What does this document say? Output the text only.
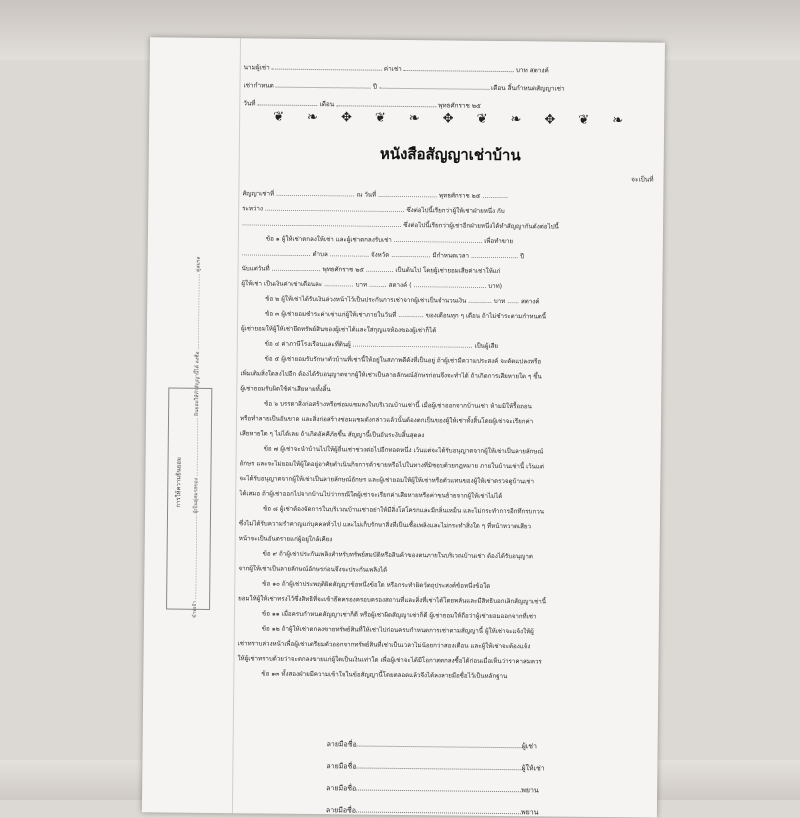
การให้ความยินยอม ข้าพเจ้า ..................................................... ผู้เป็นคู่สมรสของ ..................................... ยินยอมให้ทำสัญญานี้ได้ ลงชื่อ ................................................ คู่สมรส
นามผู้เช่า	ค่าเช่า	บาท สตางค์
เช่ากำหนด	ปี	เดือน สิ้นกำหนดสัญญาเช่า
วันที่	เดือน	พุทธศักราช ๒๕
❦ ❧ ✥ ❦ ❧ ✥ ❦ ❧ ✥ ❦ ❧
หนังสือสัญญาเช่าบ้าน
จะเป็นที่
สัญญาเช่าที่ ........................................ ณ วันที่ .............................. พุทธศักราช ๒๕ .............
ระหว่าง ....................................................................... ซึ่งต่อไปนี้เรียกว่าผู้ให้เช่าฝ่ายหนึ่ง กับ
................................................................................. ซึ่งต่อไปนี้เรียกว่าผู้เช่าอีกฝ่ายหนึ่งได้ทำสัญญากันดังต่อไปนี้
ข้อ ๑ ผู้ให้เช่าตกลงให้เช่า และผู้เช่าตกลงรับเช่า ............................................. เพื่อทำขาย
................................... ตำบล .................... จังหวัด .................... มีกำหนดเวลา ........................ ปี
นับแต่วันที่ ......................... พุทธศักราช ๒๕ .............. เป็นต้นไป โดยผู้เช่ายอมเสียค่าเช่าให้แก่
ผู้ให้เช่า เป็นเงินค่าเช่าเดือนละ ............... บาท ......... สตางค์ ( ..................................... บาท)
ข้อ ๒ ผู้ให้เช่าได้รับเงินล่วงหน้าไว้เป็นประกันการเช่าจากผู้เช่าเป็นจำนวนเงิน ............ บาท ...... สตางค์
ข้อ ๓ ผู้เช่ายอมชำระค่าเช่าแก่ผู้ให้เช่าภายในวันที่ ............. ของเดือนทุก ๆ เดือน ถ้าไม่ชำระตามกำหนดนี้
ผู้เช่ายอมให้ผู้ให้เช่ายึดทรัพย์สินของผู้เช่าได้และใส่กุญแจห้องของผู้เช่าก็ได้
ข้อ ๔ ค่าภาษีโรงเรือนและที่ดินผู้ ............................................................. เป็นผู้เสีย
ข้อ ๕ ผู้เช่ายอมรับรักษาตัวบ้านที่เช่านี้ให้อยู่ในสภาพดีดังที่เป็นอยู่ ถ้าผู้เช่ามีความประสงค์ จะดัดแปลงหรือ
เพิ่มเติมสิ่งใดลงไปอีก ต้องได้รับอนุญาตจากผู้ให้เช่าเป็นลายลักษณ์อักษรก่อนจึงจะทำได้ ถ้าเกิดการเสียหายใด ๆ ขึ้น
ผู้เช่ายอมรับผิดใช้ค่าเสียหายทั้งสิ้น
ข้อ ๖ บรรดาสิ่งก่อสร้างหรือซ่อมแซมลงในบริเวณบ้านเช่านี้ เมื่อผู้เช่าออกจากบ้านเช่า ห้ามมิให้รื้อถอน
หรือทำลายเป็นอันขาด และสิ่งก่อสร้างซ่อมแซมดังกล่าวแล้วนั้นต้องตกเป็นของผู้ให้เช่าทั้งสิ้นโดยผู้เช่าจะเรียกค่า
เสียหายใด ๆ ไม่ได้เลย ถ้าเกิดอัคคีภัยขึ้น สัญญานี้เป็นอันระงับสิ้นสุดลง
ข้อ ๗ ผู้เช่าจะนำบ้านไปให้ผู้อื่นเช่าช่วงต่อไปอีกทอดหนึ่ง เว้นแต่จะได้รับอนุญาตจากผู้ให้เช่าเป็นลายลักษณ์
อักษร และจะไม่ยอมให้ผู้ใดอยู่อาศัยดำเนินกิจการค้าขายหรือไปในทางที่มิชอบด้วยกฎหมาย ภายในบ้านเช่านี้ เว้นแต่
จะได้รับอนุญาตจากผู้ให้เช่าเป็นลายลักษณ์อักษร และผู้เช่ายอมให้ผู้ให้เช่าหรือตัวแทนของผู้ให้เช่าตรวจดูบ้านเช่า
ได้เสมอ ถ้าผู้เช่าออกไปจากบ้านไปว่ากรณีใดผู้เช่าจะเรียกค่าเสียหายหรือค่าขนย้ายจากผู้ให้เช่าไม่ได้
ข้อ ๘ ผู้เช่าต้องจัดการในบริเวณบ้านเช่าอย่าให้มีสิ่งโสโครกและมีกลิ่นเหม็น และไม่กระทำการอีกทึกรบกวน
ซึ่งไม่ได้รับความรำคาญแก่บุคคลทั่วไป และไม่เก็บรักษาสิ่งที่เป็นเชื้อเพลิงและไม่กระทำสิ่งใด ๆ ที่หน้าหวาดเสียว
หน้าจะเป็นอันตรายแก่ผู้อยู่ใกล้เคียง
ข้อ ๙ ถ้าผู้เช่าประกันเพลิงสำหรับทรัพย์สมบัติหรือสินค้าของตนภายในบริเวณบ้านเช่า ต้องได้รับอนุญาต
จากผู้ให้เช่าเป็นลายลักษณ์อักษรก่อนจึงจะประกันเพลิงได้
ข้อ ๑๐ ถ้าผู้เช่าประพฤติผิดสัญญาข้อหนึ่งข้อใด หรือกระทำผิดวัตถุประสงค์ข้อหนึ่งข้อใด
ยอมให้ผู้ให้เช่าทรงไว้ซึ่งสิทธิที่จะเข้ายึดครองครอบครองสถานที่และสิ่งที่เช่าได้โดยพลันและมีสิทธิบอกเลิกสัญญาเช่านี้
ข้อ ๑๑ เมื่อครบกำหนดสัญญาเช่าก็ดี หรือผู้เช่าผิดสัญญาเช่าก็ดี ผู้เช่ายอมให้ถือว่าผู้เช่ายอมออกจากที่เช่า
ข้อ ๑๒ ถ้าผู้ให้เช่าตกลงขายทรัพย์สินที่ให้เช่าไปก่อนครบกำหนดการเช่าตามสัญญานี้ ผู้ให้เช่าจะแจ้งให้ผู้
เช่าทราบล่วงหน้าเพื่อผู้เช่าเตรียมตัวออกจากทรัพย์สินที่เช่าเป็นเวลาไม่น้อยกว่าสองเดือน และผู้ให้เช่าจะต้องแจ้ง
ให้ผู้เช่าทราบด้วยว่าจะตกลงขายแก่ผู้ใดเป็นเงินเท่าใด เพื่อผู้เช่าจะได้มีโอกาสตกลงซื้อได้ก่อนเมื่อเห็นว่าราคาสมควร
ข้อ ๑๓ ทั้งสองฝ่ายมีความเข้าใจในข้อสัญญานี้โดยตลอดแล้วจึงได้ลงลายมือชื่อไว้เป็นหลักฐาน
ลายมือชื่อ	ผู้เช่า
ลายมือชื่อ	ผู้ให้เช่า
ลายมือชื่อ	พยาน
ลายมือชื่อ	พยาน
